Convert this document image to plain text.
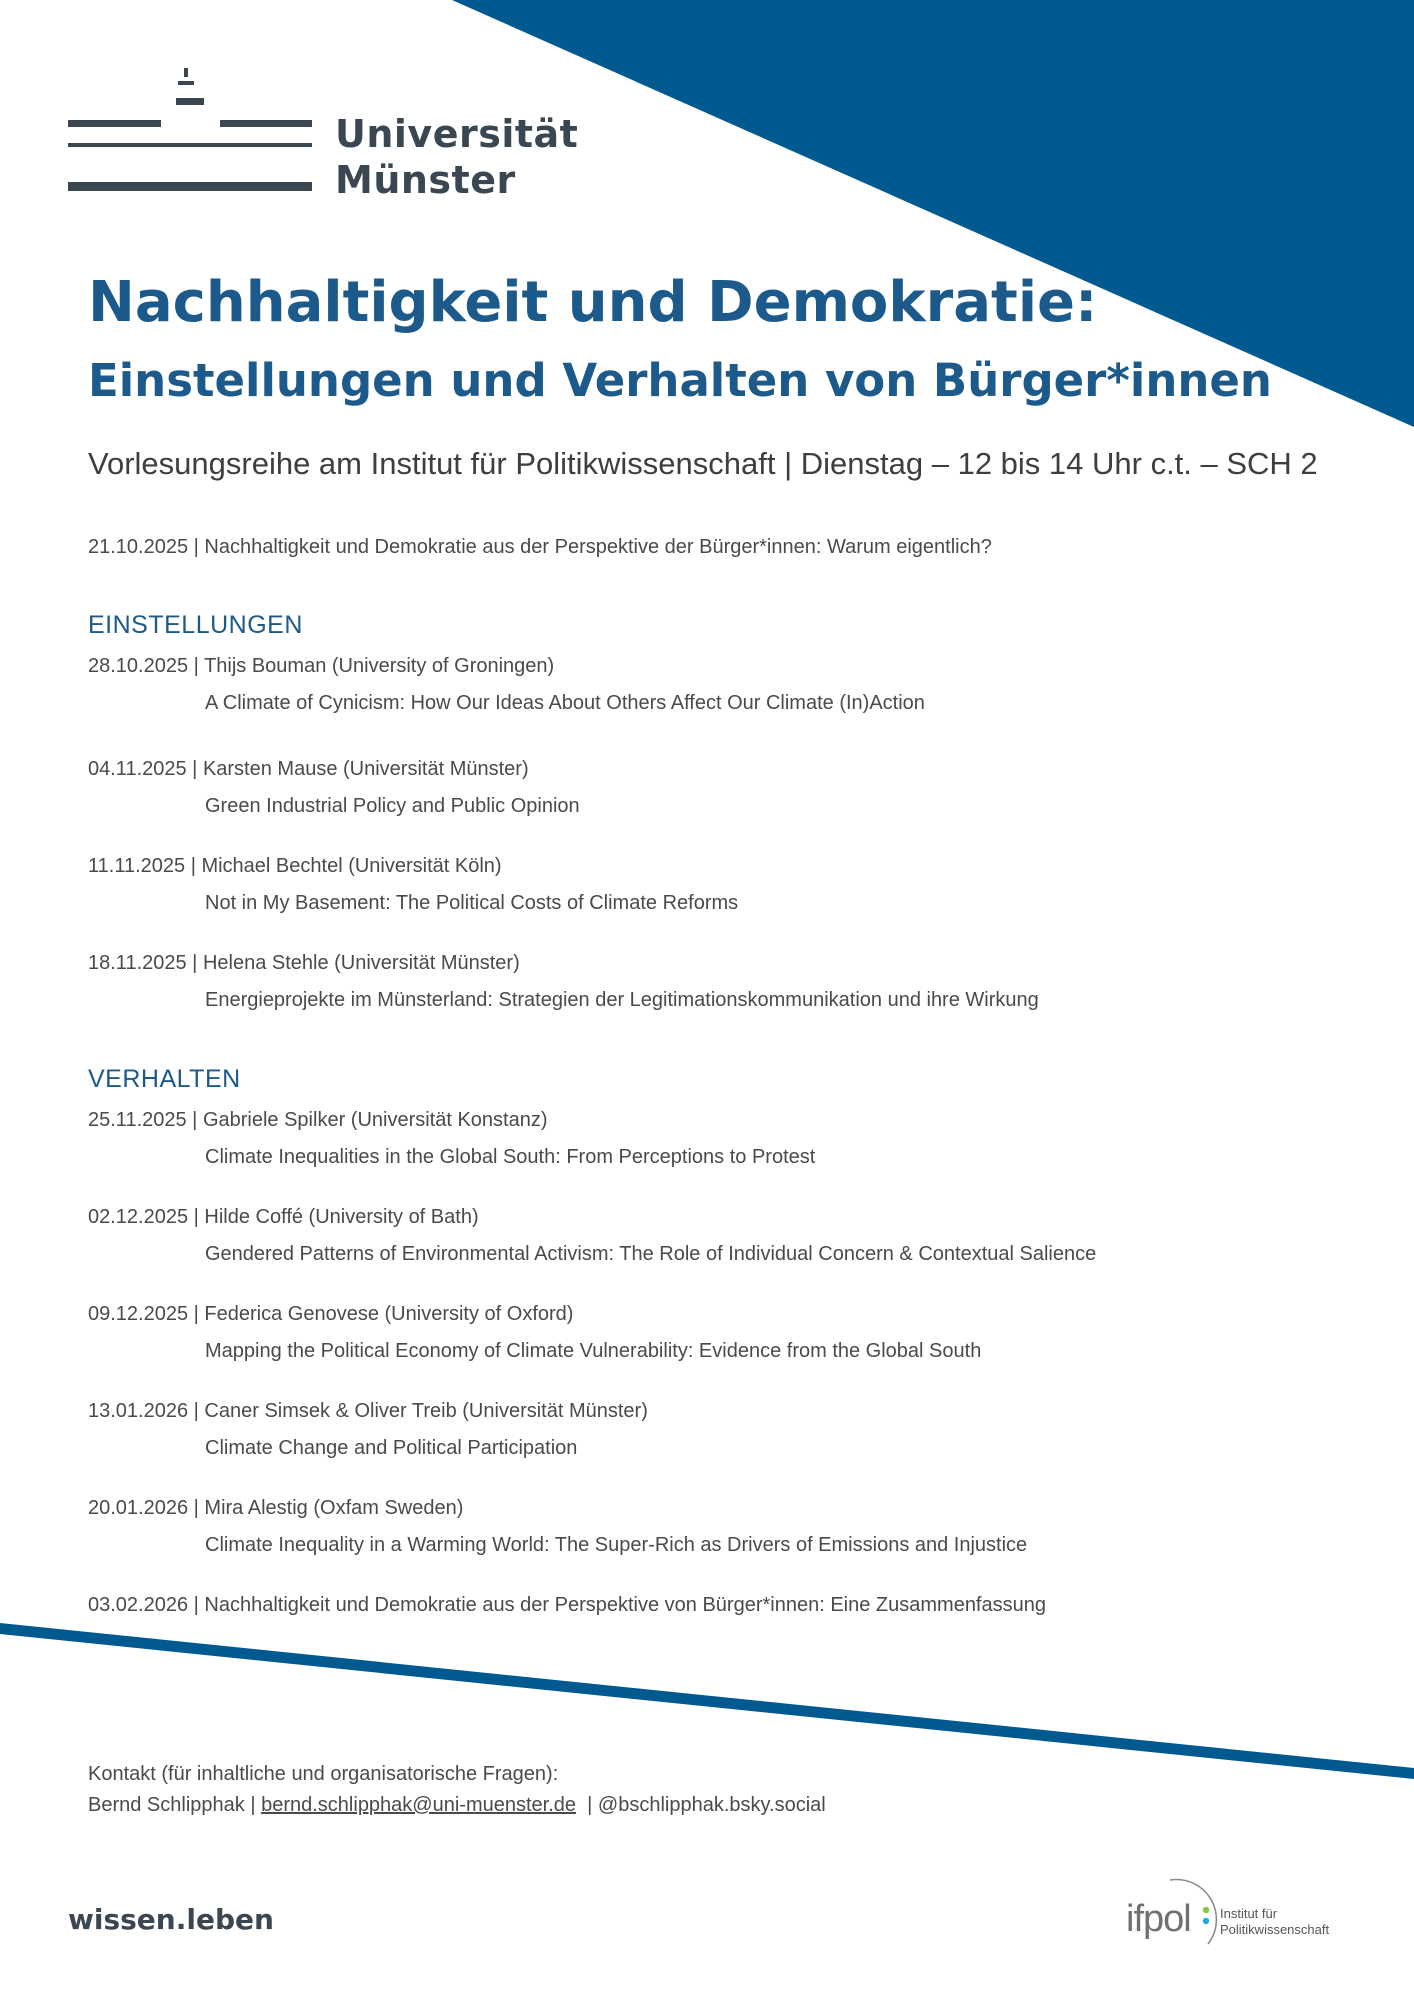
Universität
Münster
Nachhaltigkeit und Demokratie:
Einstellungen und Verhalten von Bürger*innen
Vorlesungsreihe am Institut für Politikwissenschaft | Dienstag – 12 bis 14 Uhr c.t. – SCH 2
21.10.2025 | Nachhaltigkeit und Demokratie aus der Perspektive der Bürger*innen: Warum eigentlich?
EINSTELLUNGEN
28.10.2025 | Thijs Bouman (University of Groningen)
A Climate of Cynicism: How Our Ideas About Others Affect Our Climate (In)Action
04.11.2025 | Karsten Mause (Universität Münster)
Green Industrial Policy and Public Opinion
11.11.2025 | Michael Bechtel (Universität Köln)
Not in My Basement: The Political Costs of Climate Reforms
18.11.2025 | Helena Stehle (Universität Münster)
Energieprojekte im Münsterland: Strategien der Legitimationskommunikation und ihre Wirkung
VERHALTEN
25.11.2025 | Gabriele Spilker (Universität Konstanz)
Climate Inequalities in the Global South: From Perceptions to Protest
02.12.2025 | Hilde Coffé (University of Bath)
Gendered Patterns of Environmental Activism: The Role of Individual Concern & Contextual Salience
09.12.2025 | Federica Genovese (University of Oxford)
Mapping the Political Economy of Climate Vulnerability: Evidence from the Global South
13.01.2026 | Caner Simsek & Oliver Treib (Universität Münster)
Climate Change and Political Participation
20.01.2026 | Mira Alestig (Oxfam Sweden)
Climate Inequality in a Warming World: The Super-Rich as Drivers of Emissions and Injustice
03.02.2026 | Nachhaltigkeit und Demokratie aus der Perspektive von Bürger*innen: Eine Zusammenfassung
Kontakt (für inhaltliche und organisatorische Fragen):
Bernd Schlipphak | bernd.schlipphak@uni-muenster.de  | @bschlipphak.bsky.social
wissen.leben	ifpol Institut für
Politikwissenschaft
